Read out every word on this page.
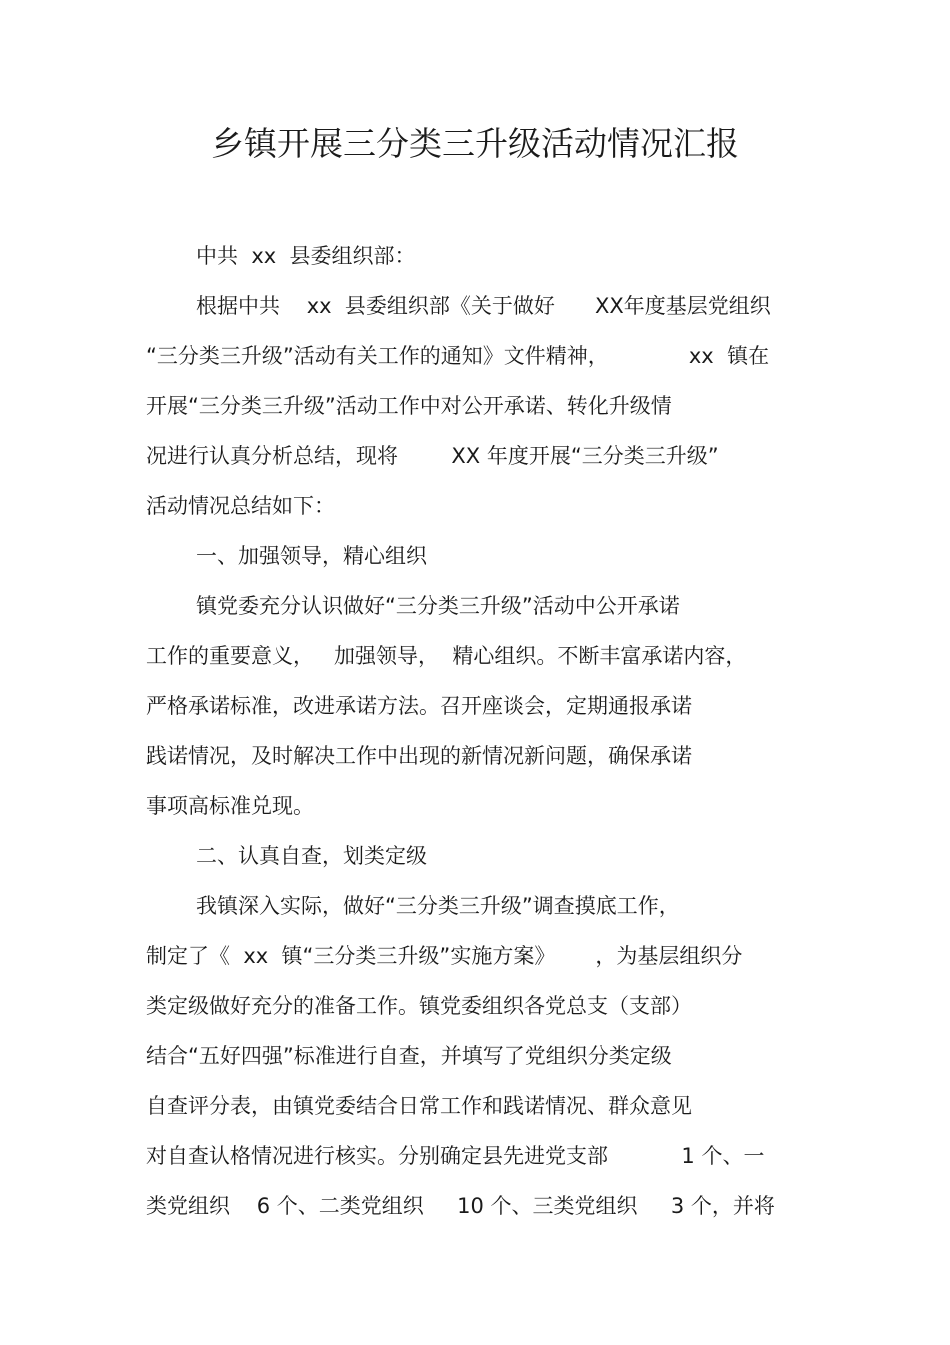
乡镇开展三分类三升级活动情况汇报
中共  xx  县委组织部：
根据中共    xx  县委组织部《关于做好      XX年度基层党组织
“三分类三升级”活动有关工作的通知》文件精神，            xx  镇在
开展“三分类三升级”活动工作中对公开承诺、转化升级情
况进行认真分析总结，现将        XX 年度开展“三分类三升级”
活动情况总结如下：
一、加强领导，精心组织
镇党委充分认识做好“三分类三升级”活动中公开承诺
工作的重要意义，   加强领导，  精心组织。不断丰富承诺内容，
严格承诺标准，改进承诺方法。召开座谈会，定期通报承诺
践诺情况，及时解决工作中出现的新情况新问题，确保承诺
事项高标准兑现。
二、认真自查，划类定级
我镇深入实际，做好“三分类三升级”调查摸底工作，
制定了《  xx  镇“三分类三升级”实施方案》      ，为基层组织分
类定级做好充分的准备工作。镇党委组织各党总支（支部）
结合“五好四强”标准进行自查，并填写了党组织分类定级
自查评分表，由镇党委结合日常工作和践诺情况、群众意见
对自查认格情况进行核实。分别确定县先进党支部           1 个、一
类党组织    6 个、二类党组织     10 个、三类党组织     3 个，并将
